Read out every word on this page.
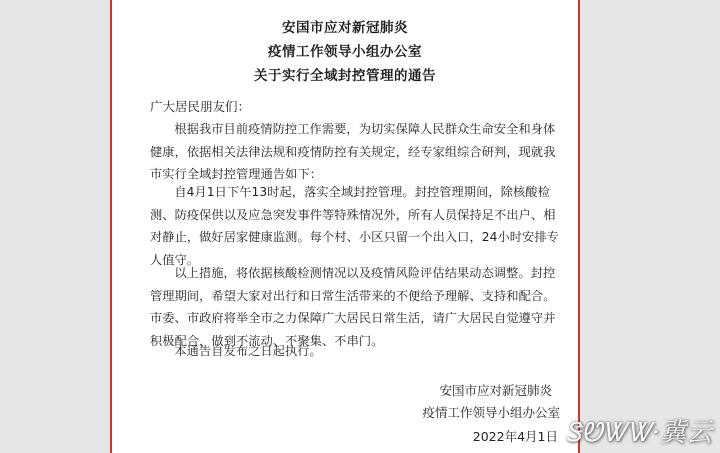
安国市应对新冠肺炎
疫情工作领导小组办公室
关于实行全域封控管理的通告
广大居民朋友们：

根据我市目前疫情防控工作需要，为切实保障人民群众生命安全和身体健康，依据相关法律法规和疫情防控有关规定，经专家组综合研判，现就我市实行全域封控管理通告如下：

自4月1日下午13时起，落实全域封控管理。封控管理期间，除核酸检测、防疫保供以及应急突发事件等特殊情况外，所有人员保持足不出户、相对静止，做好居家健康监测。每个村、小区只留一个出入口，24小时安排专人值守。

以上措施，将依据核酸检测情况以及疫情风险评估结果动态调整。封控管理期间，希望大家对出行和日常生活带来的不便给予理解、支持和配合。市委、市政府将举全市之力保障广大居民日常生活，请广大居民自觉遵守并积极配合，做到不流动、不聚集、不串门。

本通告自发布之日起执行。

安国市应对新冠肺炎
疫情工作领导小组办公室
2022年4月1日 ᏕᏬᏔᏔ·冀云
